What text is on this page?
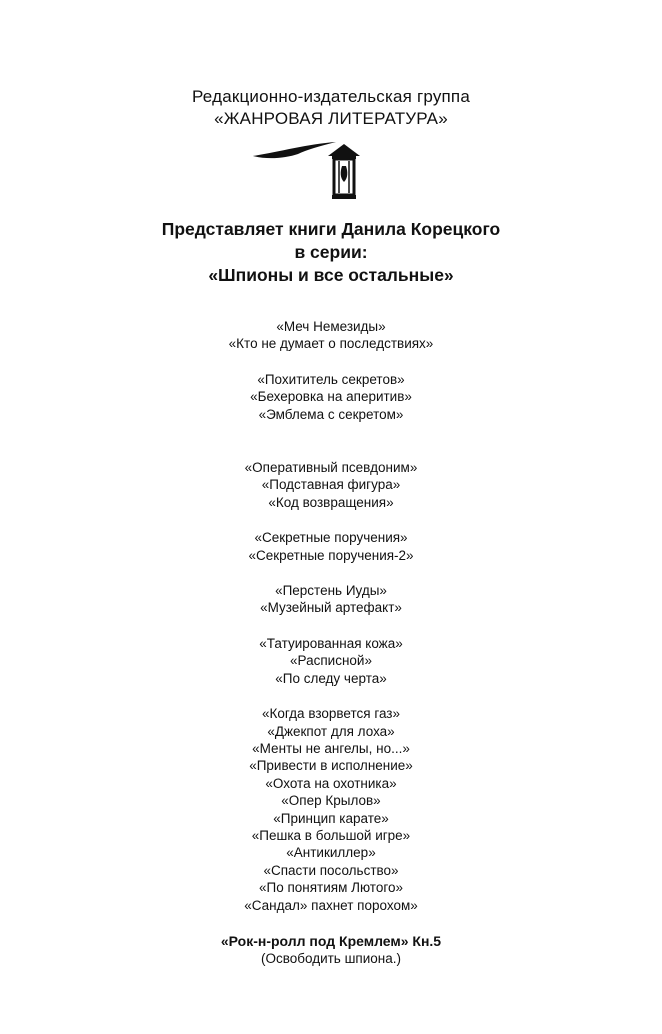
Редакционно-издательская группа
«ЖАНРОВАЯ ЛИТЕРАТУРА»
Представляет книги Данила Корецкого
в серии:
«Шпионы и все остальные»
«Меч Немезиды»
«Кто не думает о последствиях»
«Похититель секретов»
«Бехеровка на аперитив»
«Эмблема с секретом»
«Оперативный псевдоним»
«Подставная фигура»
«Код возвращения»
«Секретные поручения»
«Секретные поручения-2»
«Перстень Иуды»
«Музейный артефакт»
«Татуированная кожа»
«Расписной»
«По следу черта»
«Когда взорвется газ»
«Джекпот для лоха»
«Менты не ангелы, но...»
«Привести в исполнение»
«Охота на охотника»
«Опер Крылов»
«Принцип карате»
«Пешка в большой игре»
«Антикиллер»
«Спасти посольство»
«По понятиям Лютого»
«Сандал» пахнет порохом»
«Рок-н-ролл под Кремлем» Кн.5
(Освободить шпиона.)
